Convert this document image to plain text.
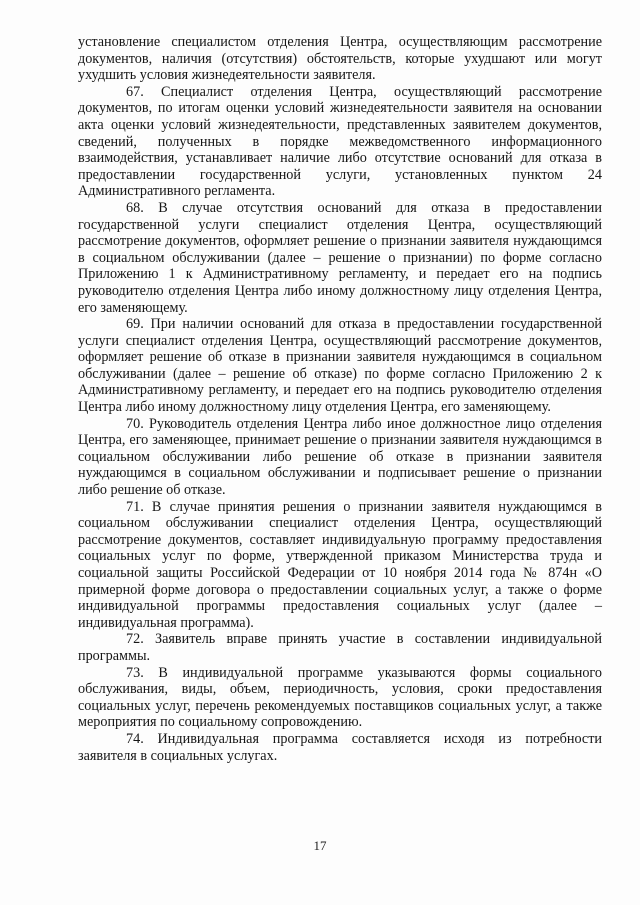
установление специалистом отделения Центра, осуществляющим рассмотрение документов, наличия (отсутствия) обстоятельств, которые ухудшают или могут ухудшить условия жизнедеятельности заявителя.

67. Специалист отделения Центра, осуществляющий рассмотрение документов, по итогам оценки условий жизнедеятельности заявителя на основании акта оценки условий жизнедеятельности, представленных заявителем документов, сведений, полученных в порядке межведомственного информационного взаимодействия, устанавливает наличие либо отсутствие оснований для отказа в предоставлении государственной услуги, установленных пунктом 24 Административного регламента.

68. В случае отсутствия оснований для отказа в предоставлении государственной услуги специалист отделения Центра, осуществляющий рассмотрение документов, оформляет решение о признании заявителя нуждающимся в социальном обслуживании (далее – решение о признании) по форме согласно Приложению 1 к Административному регламенту, и передает его на подпись руководителю отделения Центра либо иному должностному лицу отделения Центра, его заменяющему.

69. При наличии оснований для отказа в предоставлении государственной услуги специалист отделения Центра, осуществляющий рассмотрение документов, оформляет решение об отказе в признании заявителя нуждающимся в социальном обслуживании (далее – решение об отказе) по форме согласно Приложению 2 к Административному регламенту, и передает его на подпись руководителю отделения Центра либо иному должностному лицу отделения Центра, его заменяющему.

70. Руководитель отделения Центра либо иное должностное лицо отделения Центра, его заменяющее, принимает решение о признании заявителя нуждающимся в социальном обслуживании либо решение об отказе в признании заявителя нуждающимся в социальном обслуживании и подписывает решение о признании либо решение об отказе.

71. В случае принятия решения о признании заявителя нуждающимся в социальном обслуживании специалист отделения Центра, осуществляющий рассмотрение документов, составляет индивидуальную программу предоставления социальных услуг по форме, утвержденной приказом Министерства труда и социальной защиты Российской Федерации от 10 ноября 2014 года № 874н «О примерной форме договора о предоставлении социальных услуг, а также о форме индивидуальной программы предоставления социальных услуг (далее – индивидуальная программа).

72. Заявитель вправе принять участие в составлении индивидуальной программы.

73. В индивидуальной программе указываются формы социального обслуживания, виды, объем, периодичность, условия, сроки предоставления социальных услуг, перечень рекомендуемых поставщиков социальных услуг, а также мероприятия по социальному сопровождению.

74. Индивидуальная программа составляется исходя из потребности заявителя в социальных услугах.

17
